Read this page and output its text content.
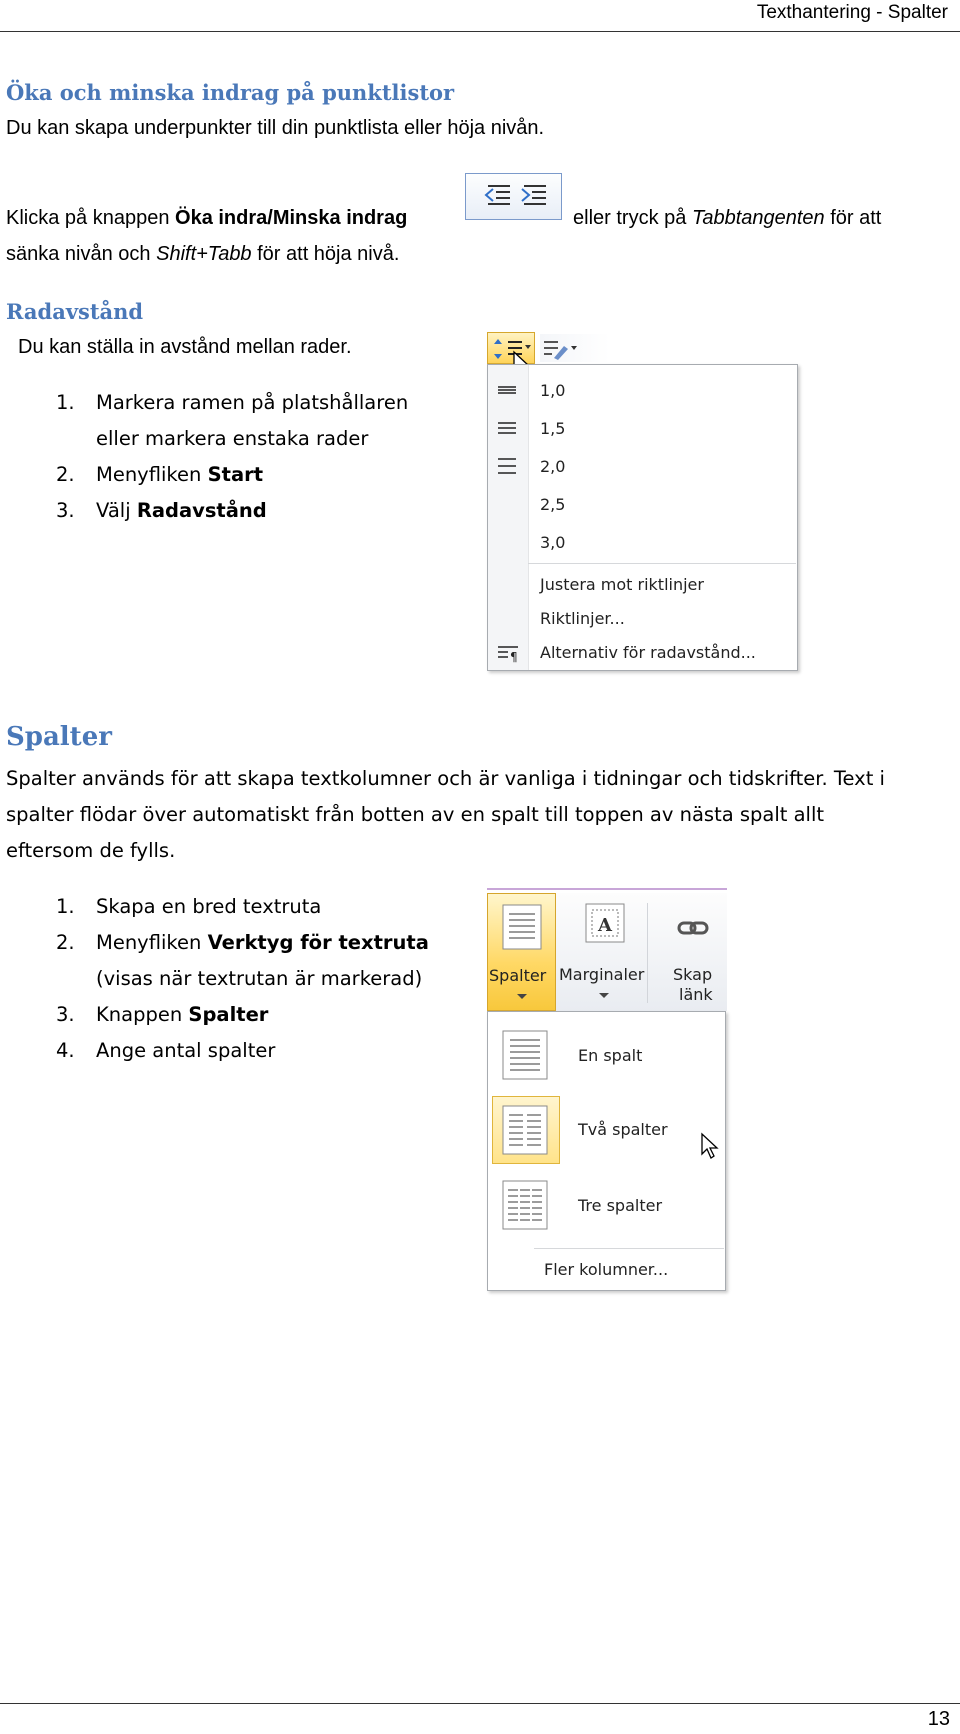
Texthantering - Spalter
Öka och minska indrag på punktlistor
Du kan skapa underpunkter till din punktlista eller höja nivån.
Klicka på knappen Öka indra/Minska indrag	eller tryck på Tabbtangenten för att
sänka nivån och Shift+Tabb för att höja nivå.
Radavstånd
Du kan ställa in avstånd mellan rader.
1. Markera ramen på platshållaren
eller markera enstaka rader
2. Menyfliken Start
3. Välj Radavstånd
1,0
1,5
2,0
2,5
3,0
Justera mot riktlinjer
Riktlinjer...
¶ Alternativ för radavstånd...
Spalter
Spalter används för att skapa textkolumner och är vanliga i tidningar och tidskrifter. Text i
spalter flödar över automatiskt från botten av en spalt till toppen av nästa spalt allt
eftersom de fylls.
1. Skapa en bred textruta
2. Menyfliken Verktyg för textruta
(visas när textrutan är markerad)
3. Knappen Spalter
4. Ange antal spalter
Spalter
A
Marginaler Skap
länk
En spalt
Två spalter
Tre spalter
Fler kolumner...
13
